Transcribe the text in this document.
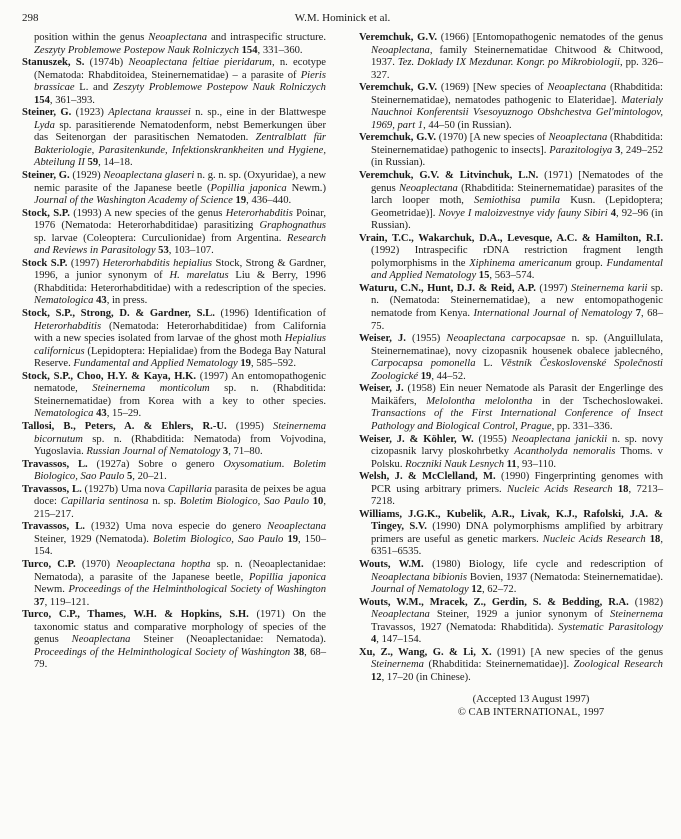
298	W.M. Hominick et al.

position within the genus Neoaplectana and intraspecific structure. Zeszyty Problemowe Postepow Nauk Rolniczych 154, 331–360.

Stanuszek, S. (1974b) Neoaplectana feltiae pieridarum, n. ecotype (Nematoda: Rhabditoidea, Steinernematidae) – a parasite of Pieris brassicae L. and Zeszyty Problemowe Postepow Nauk Rolniczych 154, 361–393.

Steiner, G. (1923) Aplectana kraussei n. sp., eine in der Blattwespe Lyda sp. parasitierende Nematodenform, nebst Bemerkungen über das Seitenorgan der parasitischen Nematoden. Zentralblatt für Bakteriologie, Parasitenkunde, Infektionskrankheiten und Hygiene, Abteilung II 59, 14–18.

Steiner, G. (1929) Neoaplectana glaseri n. g. n. sp. (Oxyuridae), a new nemic parasite of the Japanese beetle (Popillia japonica Newm.) Journal of the Washington Academy of Science 19, 436–440.

Stock, S.P. (1993) A new species of the genus Heterorhabditis Poinar, 1976 (Nematoda: Heterorhabditidae) parasitizing Graphognathus sp. larvae (Coleoptera: Curculionidae) from Argentina. Research and Reviews in Parasitology 53, 103–107.

Stock S.P. (1997) Heterorhabditis hepialius Stock, Strong & Gardner, 1996, a junior synonym of H. marelatus Liu & Berry, 1996 (Rhabditida: Heterorhabditidae) with a redescription of the species. Nematologica 43, in press.

Stock, S.P., Strong, D. & Gardner, S.L. (1996) Identification of Heterorhabditis (Nematoda: Heterorhabditidae) from California with a new species isolated from larvae of the ghost moth Hepialius californicus (Lepidoptera: Hepialidae) from the Bodega Bay Natural Reserve. Fundamental and Applied Nematology 19, 585–592.

Stock, S.P., Choo, H.Y. & Kaya, H.K. (1997) An entomopathogenic nematode, Steinernema monticolum sp. n. (Rhabditida: Steinernematidae) from Korea with a key to other species. Nematologica 43, 15–29.

Tallosi, B., Peters, A. & Ehlers, R.-U. (1995) Steinernema bicornutum sp. n. (Rhabditida: Nematoda) from Vojvodina, Yugoslavia. Russian Journal of Nematology 3, 71–80.

Travassos, L. (1927a) Sobre o genero Oxysomatium. Boletim Biologico, Sao Paulo 5, 20–21.

Travassos, L. (1927b) Uma nova Capillaria parasita de peixes be agua doce: Capillaria sentinosa n. sp. Boletim Biologico, Sao Paulo 10, 215–217.

Travassos, L. (1932) Uma nova especie do genero Neoaplectana Steiner, 1929 (Nematoda). Boletim Biologico, Sao Paulo 19, 150–154.

Turco, C.P. (1970) Neoaplectana hoptha sp. n. (Neoaplectanidae: Nematoda), a parasite of the Japanese beetle, Popillia japonica Newm. Proceedings of the Helminthological Society of Washington 37, 119–121.

Turco, C.P., Thames, W.H. & Hopkins, S.H. (1971) On the taxonomic status and comparative morphology of species of the genus Neoaplectana Steiner (Neoaplectanidae: Nematoda). Proceedings of the Helminthological Society of Washington 38, 68–79.

Veremchuk, G.V. (1966) [Entomopathogenic nematodes of the genus Neoaplectana, family Steinernematidae Chitwood & Chitwood, 1937. Tez. Doklady IX Mezdunar. Kongr. po Mikrobiologii, pp. 326–327.

Veremchuk, G.V. (1969) [New species of Neoaplectana (Rhabditida: Steinernematidae), nematodes pathogenic to Elateridae]. Materialy Nauchnoi Konferentsii Vsesoyuznogo Obshchestva Gel'mintologov, 1969, part 1, 44–50 (in Russian).

Veremchuk, G.V. (1970) [A new species of Neoaplectana (Rhabditida: Steinernematidae) pathogenic to insects]. Parazitologiya 3, 249–252 (in Russian).

Veremchuk, G.V. & Litvinchuk, L.N. (1971) [Nematodes of the genus Neoaplectana (Rhabditida: Steinernematidae) parasites of the larch looper moth, Semiothisa pumila Kusn. (Lepidoptera; Geometridae)]. Novye I maloizvestnye vidy fauny Sibiri 4, 92–96 (in Russian).

Vrain, T.C., Wakarchuk, D.A., Levesque, A.C. & Hamilton, R.I. (1992) Intraspecific rDNA restriction fragment length polymorphisms in the Xiphinema americanum group. Fundamental and Applied Nematology 15, 563–574.

Waturu, C.N., Hunt, D.J. & Reid, A.P. (1997) Steinernema karii sp. n. (Nematoda: Steinernematidae), a new entomopathogenic nematode from Kenya. International Journal of Nematology 7, 68–75.

Weiser, J. (1955) Neoaplectana carpocapsae n. sp. (Anguillulata, Steinernematinae), novy cizopasnik housenek obalece jablecného, Carpocapsa pomonella L. Věstník Československé Společnosti Zoologické 19, 44–52.

Weiser, J. (1958) Ein neuer Nematode als Parasit der Engerlinge des Maikäfers, Melolontha melolontha in der Tschechoslowakei. Transactions of the First International Conference of Insect Pathology and Biological Control, Prague, pp. 331–336.

Weiser, J. & Köhler, W. (1955) Neoaplectana janickii n. sp. novy cizopasnik larvy ploskohrbetky Acantholyda nemoralis Thoms. v Polsku. Roczniki Nauk Lesnych 11, 93–110.

Welsh, J. & McClelland, M. (1990) Fingerprinting genomes with PCR using arbitrary primers. Nucleic Acids Research 18, 7213–7218.

Williams, J.G.K., Kubelik, A.R., Livak, K.J., Rafolski, J.A. & Tingey, S.V. (1990) DNA polymorphisms amplified by arbitrary primers are useful as genetic markers. Nucleic Acids Research 18, 6351–6535.

Wouts, W.M. (1980) Biology, life cycle and redescription of Neoaplectana bibionis Bovien, 1937 (Nematoda: Steinernematidae). Journal of Nematology 12, 62–72.

Wouts, W.M., Mracek, Z., Gerdin, S. & Bedding, R.A. (1982) Neoaplectana Steiner, 1929 a junior synonym of Steinernema Travassos, 1927 (Nematoda: Rhabditida). Systematic Parasitology 4, 147–154.

Xu, Z., Wang, G. & Li, X. (1991) [A new species of the genus Steinernema (Rhabditida: Steinernematidae)]. Zoological Research 12, 17–20 (in Chinese).

(Accepted 13 August 1997)
© CAB INTERNATIONAL, 1997
